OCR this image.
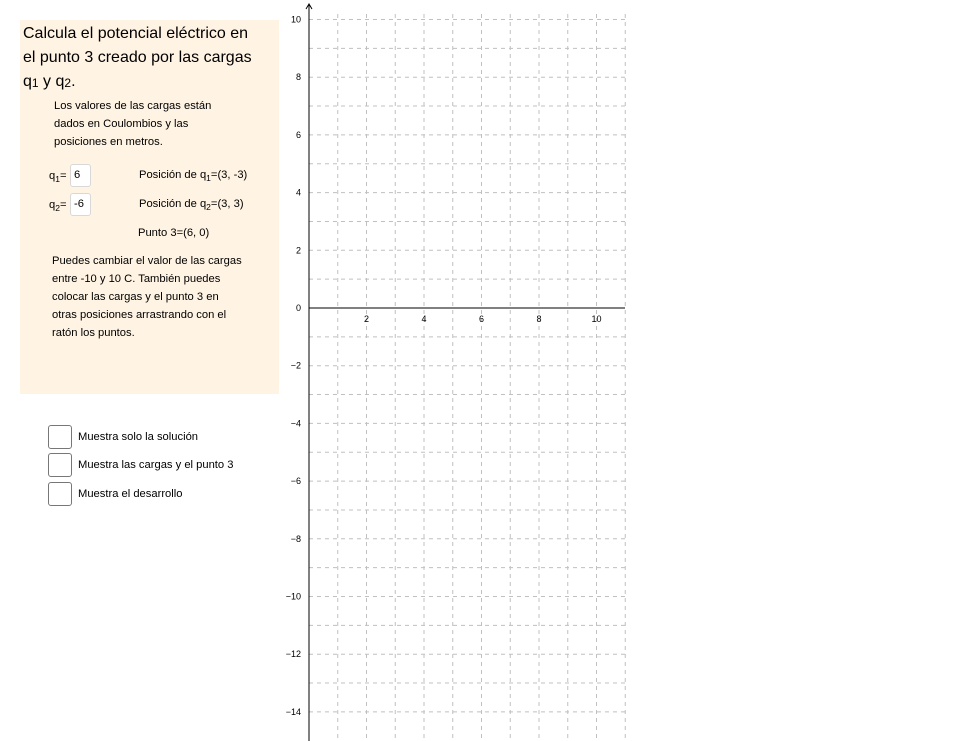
Calcula el potencial eléctrico en
el punto 3 creado por las cargas
$q_1$ y $q_2$.
Los valores de las cargas están dados en Coulombios y las posiciones en metros.
$q_1= 6$
$q_2= -6$
Posición de $q_1=(3$, -3)
Posición de $q_2=(3$, 3)
Punto 3=(6, 0)
Puedes cambiar el valor de las cargas entre -10 y 10 C. También puedes colocar las cargas y el punto 3 en otras posiciones arrastrando con el ratón los puntos.
Muestra solo la solución
Muestra las cargas y el punto 3
Muestra el desarrollo
2	4	6	8	10
10
8
6
4
2
0
−2
−4
−6
−8
−10
−12
−14
